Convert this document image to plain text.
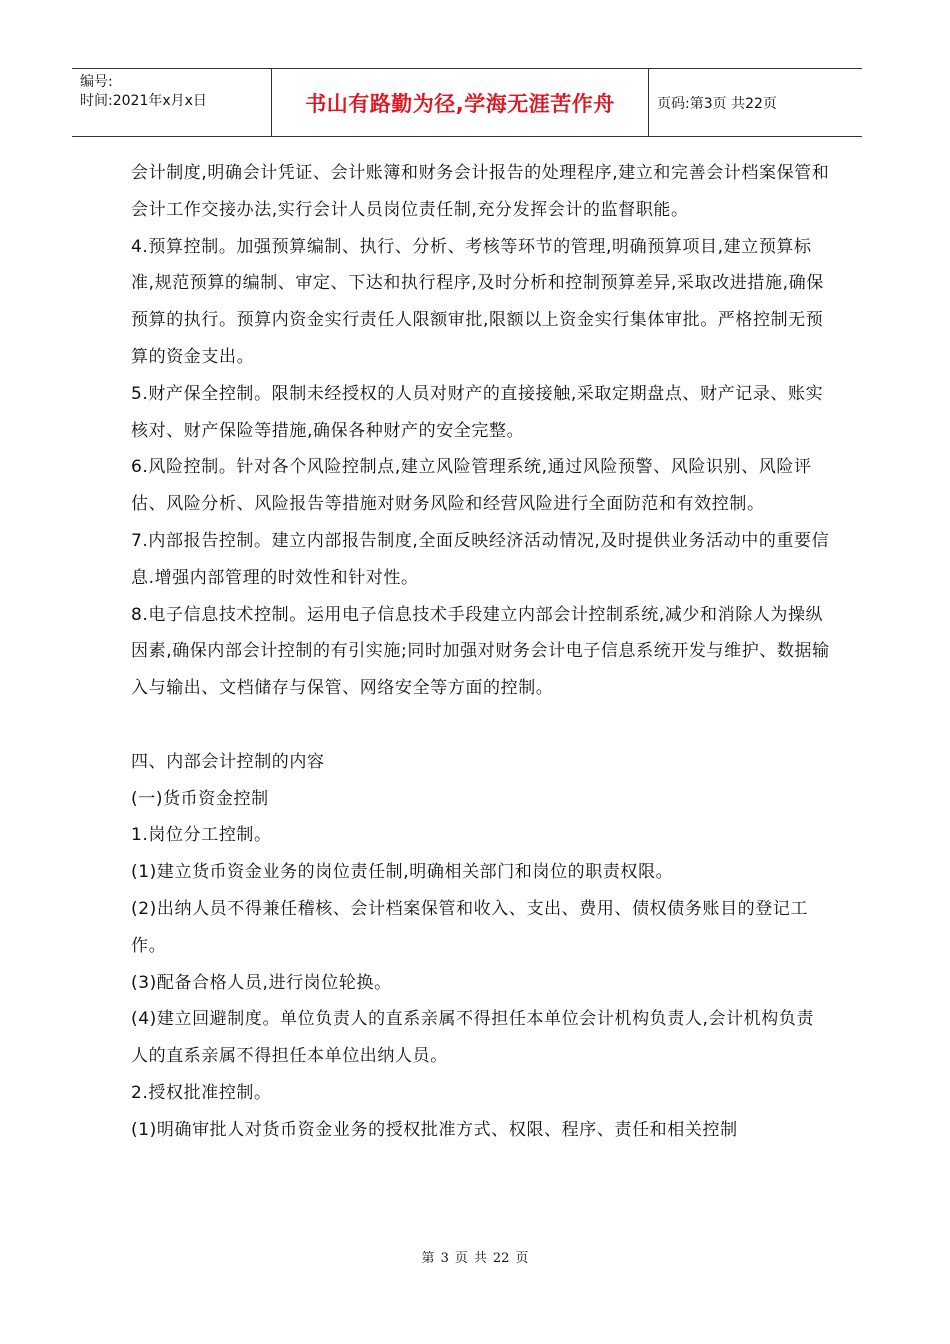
编号:
时间:2021年x月x日	书山有路勤为径,学海无涯苦作舟	页码:第3页 共22页

会计制度,明确会计凭证、会计账簿和财务会计报告的处理程序,建立和完善会计档案保管和会计工作交接办法,实行会计人员岗位责任制,充分发挥会计的监督职能。

4.预算控制。加强预算编制、执行、分析、考核等环节的管理,明确预算项目,建立预算标准,规范预算的编制、审定、下达和执行程序,及时分析和控制预算差异,采取改进措施,确保预算的执行。预算内资金实行责任人限额审批,限额以上资金实行集体审批。严格控制无预算的资金支出。

5.财产保全控制。限制未经授权的人员对财产的直接接触,采取定期盘点、财产记录、账实核对、财产保险等措施,确保各种财产的安全完整。

6.风险控制。针对各个风险控制点,建立风险管理系统,通过风险预警、风险识别、风险评估、风险分析、风险报告等措施对财务风险和经营风险进行全面防范和有效控制。

7.内部报告控制。建立内部报告制度,全面反映经济活动情况,及时提供业务活动中的重要信息.增强内部管理的时效性和针对性。

8.电子信息技术控制。运用电子信息技术手段建立内部会计控制系统,减少和消除人为操纵因素,确保内部会计控制的有引实施;同时加强对财务会计电子信息系统开发与维护、数据输入与输出、文档储存与保管、网络安全等方面的控制。

四、内部会计控制的内容

(一)货币资金控制

1.岗位分工控制。

(1)建立货币资金业务的岗位责任制,明确相关部门和岗位的职责权限。

(2)出纳人员不得兼任稽核、会计档案保管和收入、支出、费用、债权债务账目的登记工作。

(3)配备合格人员,进行岗位轮换。

(4)建立回避制度。单位负责人的直系亲属不得担任本单位会计机构负责人,会计机构负责人的直系亲属不得担任本单位出纳人员。

2.授权批准控制。

(1)明确审批人对货币资金业务的授权批准方式、权限、程序、责任和相关控制

第 3 页 共 22 页
